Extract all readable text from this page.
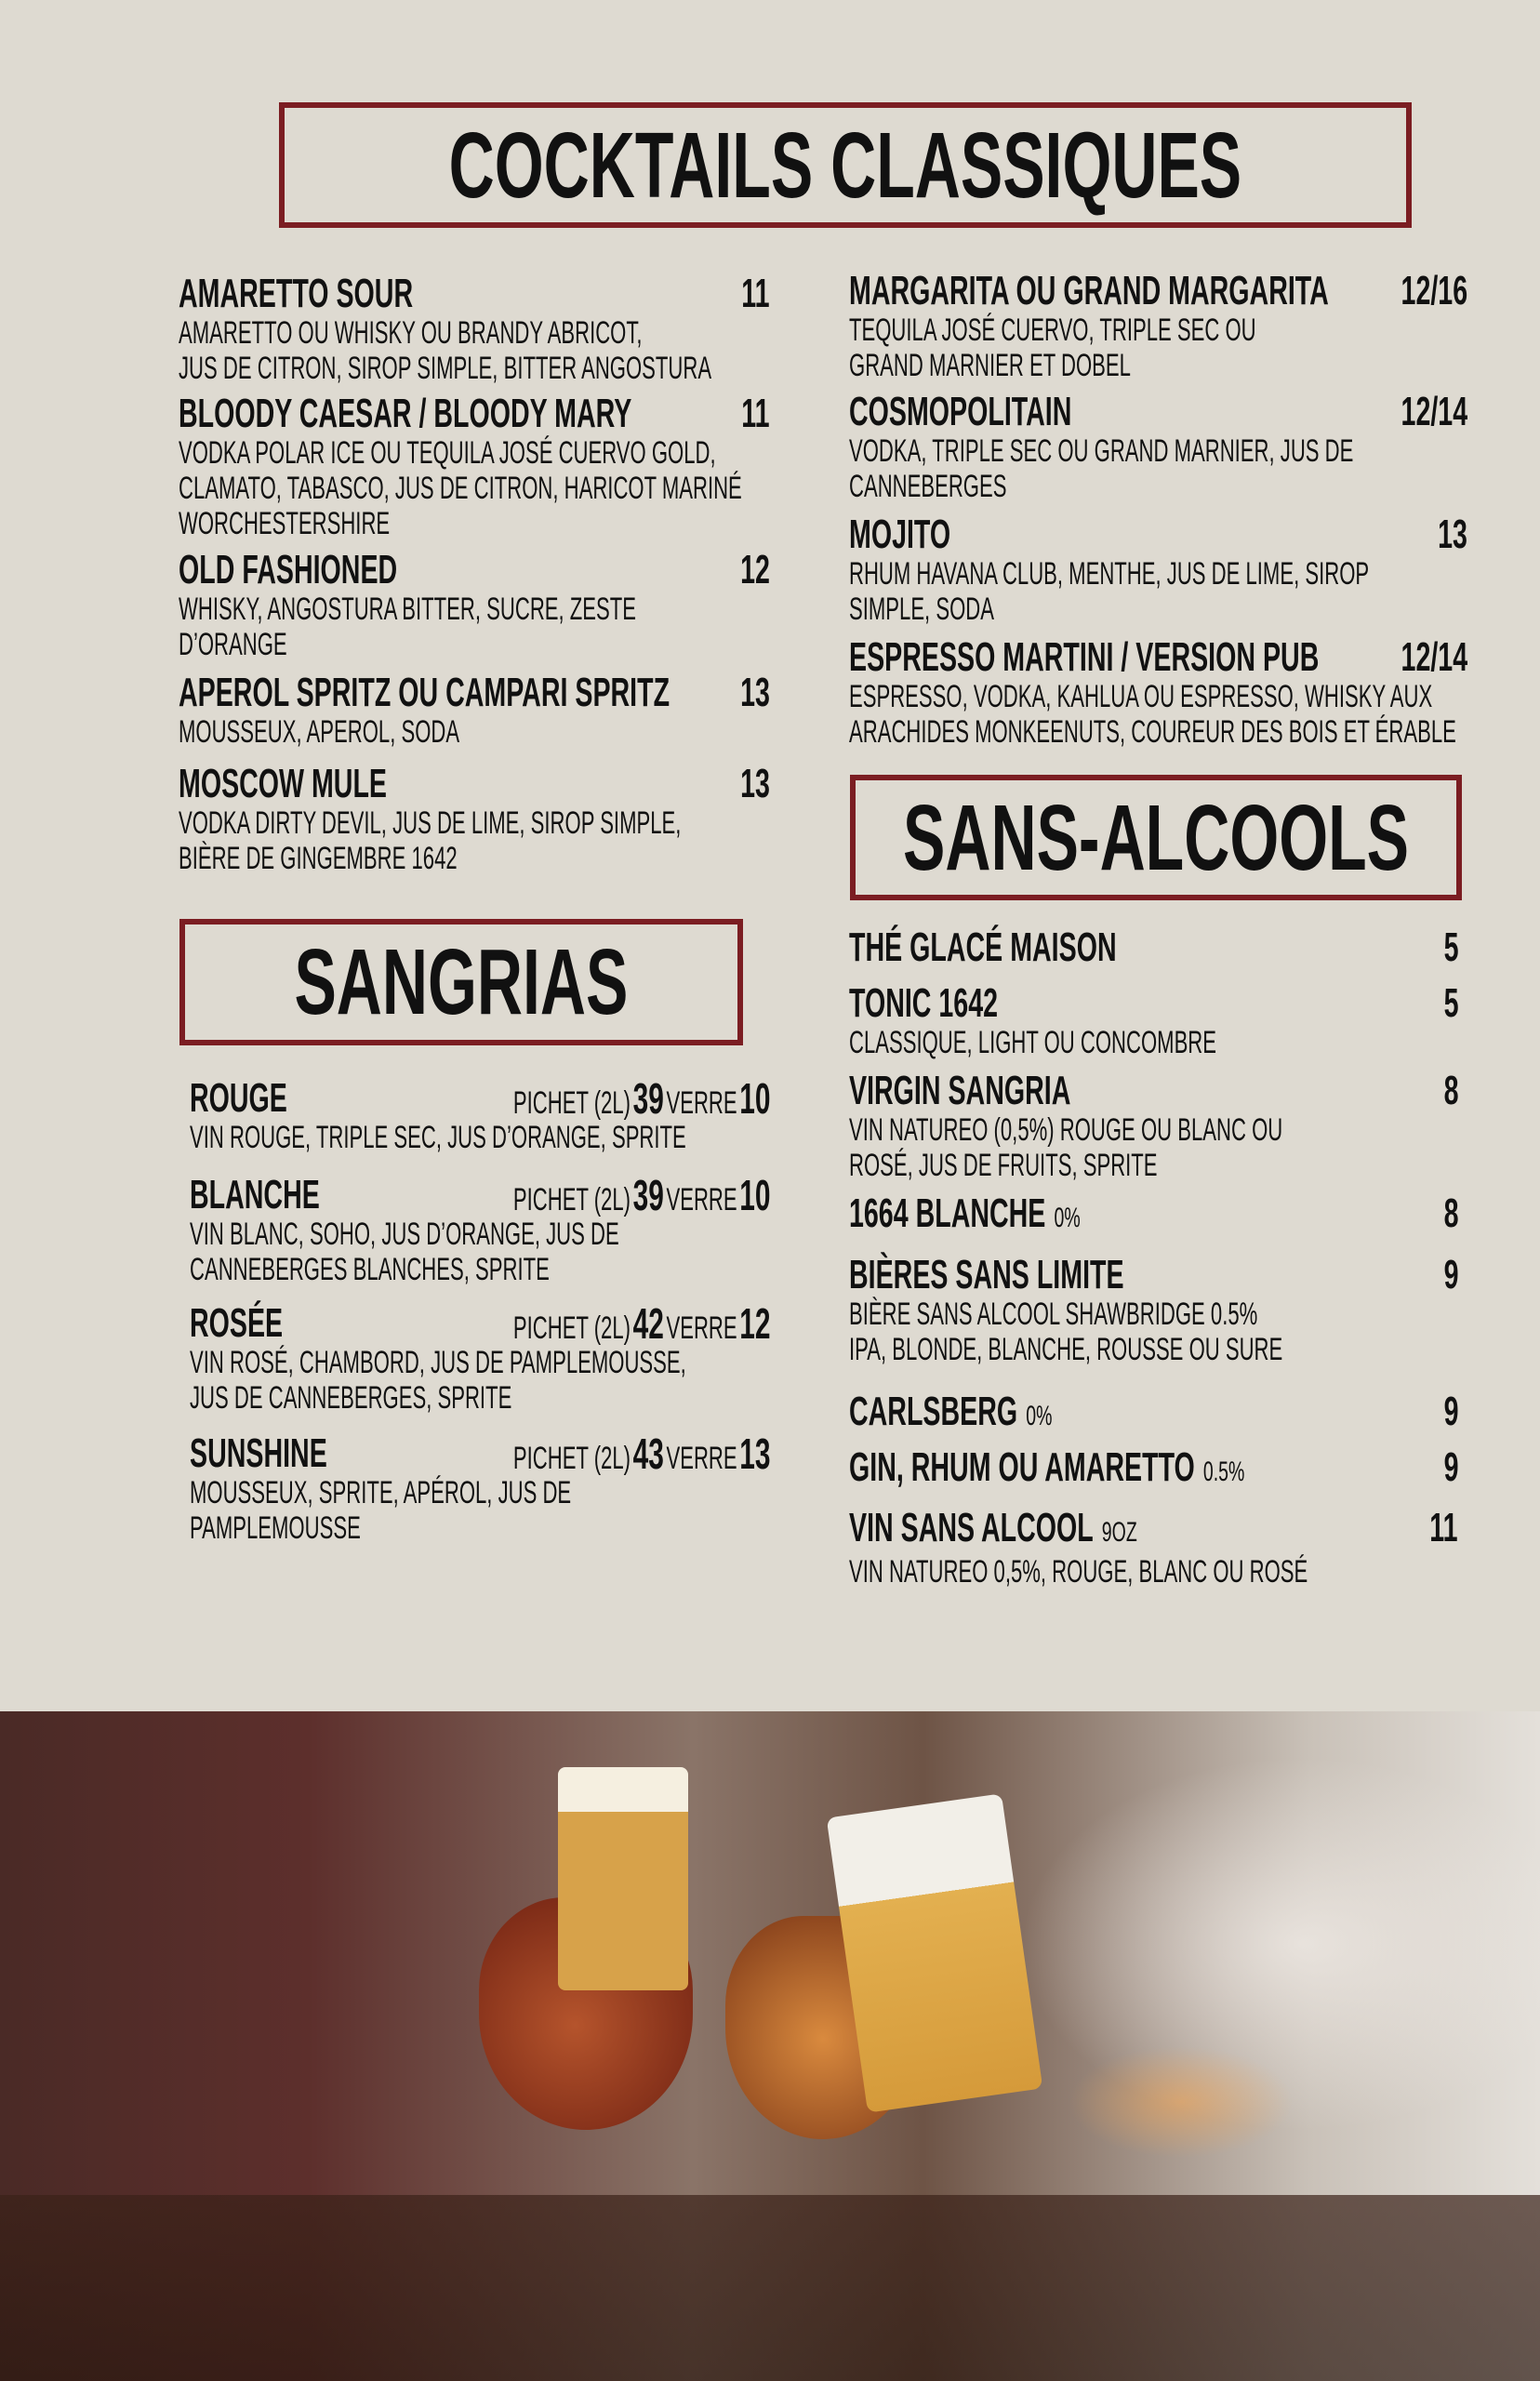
COCKTAILS CLASSIQUES
SANGRIAS
SANS-ALCOOLS
AMARETTO SOUR
AMARETTO OU WHISKY OU BRANDY ABRICOT,
JUS DE CITRON, SIROP SIMPLE, BITTER ANGOSTURA
11
BLOODY CAESAR / BLOODY MARY
VODKA POLAR ICE OU TEQUILA JOSÉ CUERVO GOLD,
CLAMATO, TABASCO, JUS DE CITRON, HARICOT MARINÉ
WORCHESTERSHIRE
11
OLD FASHIONED
WHISKY, ANGOSTURA BITTER, SUCRE, ZESTE
D’ORANGE
12
APEROL SPRITZ OU CAMPARI SPRITZ
MOUSSEUX, APEROL, SODA
13
MOSCOW MULE
VODKA DIRTY DEVIL, JUS DE LIME, SIROP SIMPLE,
BIÈRE DE GINGEMBRE 1642
13
MARGARITA OU GRAND MARGARITA
TEQUILA JOSÉ CUERVO, TRIPLE SEC OU
GRAND MARNIER ET DOBEL
12/16
COSMOPOLITAIN
VODKA, TRIPLE SEC OU GRAND MARNIER, JUS DE
CANNEBERGES
12/14
MOJITO
RHUM HAVANA CLUB, MENTHE, JUS DE LIME, SIROP
SIMPLE, SODA
13
ESPRESSO MARTINI / VERSION PUB
ESPRESSO, VODKA, KAHLUA OU ESPRESSO, WHISKY AUX
ARACHIDES MONKEENUTS, COUREUR DES BOIS ET ÉRABLE
12/14
ROUGE
VIN ROUGE, TRIPLE SEC, JUS D’ORANGE, SPRITE
PICHET (2L)39VERRE10
BLANCHE
VIN BLANC, SOHO, JUS D’ORANGE, JUS DE
CANNEBERGES BLANCHES, SPRITE
PICHET (2L)39VERRE10
ROSÉE
VIN ROSÉ, CHAMBORD, JUS DE PAMPLEMOUSSE,
JUS DE CANNEBERGES, SPRITE
PICHET (2L)42VERRE12
SUNSHINE
MOUSSEUX, SPRITE, APÉROL, JUS DE
PAMPLEMOUSSE
PICHET (2L)43VERRE13
THÉ GLACÉ MAISON	5
TONIC 1642
CLASSIQUE, LIGHT OU CONCOMBRE
5
VIRGIN SANGRIA
VIN NATUREO (0,5%) ROUGE OU BLANC OU
ROSÉ, JUS DE FRUITS, SPRITE
8
1664 BLANCHE 0%	8
BIÈRES SANS LIMITE
BIÈRE SANS ALCOOL SHAWBRIDGE 0.5%
IPA, BLONDE, BLANCHE, ROUSSE OU SURE
9
CARLSBERG 0%	9
GIN, RHUM OU AMARETTO 0.5%	9
VIN SANS ALCOOL 9OZ
VIN NATUREO 0,5%, ROUGE, BLANC OU ROSÉ
11
